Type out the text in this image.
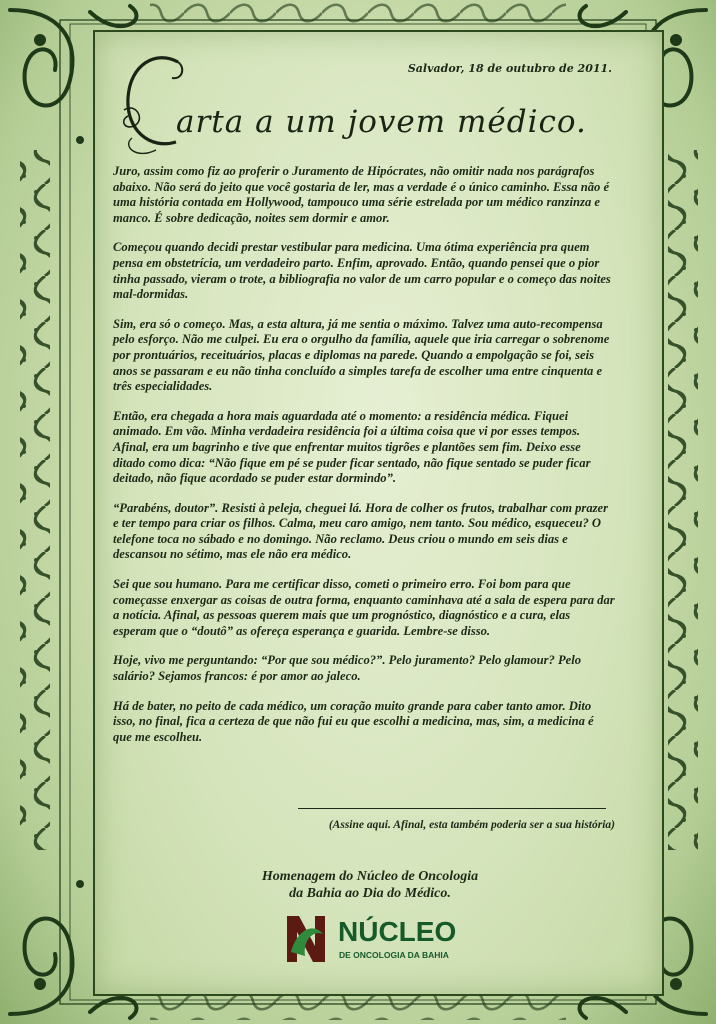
Salvador, 18 de outubro de 2011.
arta a um jovem médico.

Juro, assim como fiz ao proferir o Juramento de Hipócrates, não omitir nada nos parágrafos abaixo. Não será do jeito que você gostaria de ler, mas a verdade é o único caminho. Essa não é uma história contada em Hollywood, tampouco uma série estrelada por um médico ranzinza e manco. É sobre dedicação, noites sem dormir e amor.

Começou quando decidi prestar vestibular para medicina. Uma ótima experiência pra quem pensa em obstetrícia, um verdadeiro parto. Enfim, aprovado. Então, quando pensei que o pior tinha passado, vieram o trote, a bibliografia no valor de um carro popular e o começo das noites mal-dormidas.

Sim, era só o começo. Mas, a esta altura, já me sentia o máximo. Talvez uma auto-recompensa pelo esforço. Não me culpei. Eu era o orgulho da família, aquele que iria carregar o sobrenome por prontuários, receituários, placas e diplomas na parede. Quando a empolgação se foi, seis anos se passaram e eu não tinha concluído a simples tarefa de escolher uma entre cinquenta e três especialidades.

Então, era chegada a hora mais aguardada até o momento: a residência médica. Fiquei animado. Em vão. Minha verdadeira residência foi a última coisa que vi por esses tempos. Afinal, era um bagrinho e tive que enfrentar muitos tigrões e plantões sem fim. Deixo esse ditado como dica: “Não fique em pé se puder ficar sentado, não fique sentado se puder ficar deitado, não fique acordado se puder estar dormindo”.

“Parabéns, doutor”. Resisti à peleja, cheguei lá. Hora de colher os frutos, trabalhar com prazer e ter tempo para criar os filhos. Calma, meu caro amigo, nem tanto. Sou médico, esqueceu? O telefone toca no sábado e no domingo. Não reclamo. Deus criou o mundo em seis dias e descansou no sétimo, mas ele não era médico.

Sei que sou humano. Para me certificar disso, cometi o primeiro erro. Foi bom para que começasse enxergar as coisas de outra forma, enquanto caminhava até a sala de espera para dar a notícia. Afinal, as pessoas querem mais que um prognóstico, diagnóstico e a cura, elas esperam que o “doutô” as ofereça esperança e guarida. Lembre-se disso.

Hoje, vivo me perguntando: “Por que sou médico?”. Pelo juramento? Pelo glamour? Pelo salário? Sejamos francos: é por amor ao jaleco.

Há de bater, no peito de cada médico, um coração muito grande para caber tanto amor. Dito isso, no final, fica a certeza de que não fui eu que escolhi a medicina, mas, sim, a medicina é que me escolheu.

(Assine aqui. Afinal, esta também poderia ser a sua história)
Homenagem do Núcleo de Oncologia
da Bahia ao Dia do Médico.
NÚCLEO
DE ONCOLOGIA DA BAHIA
